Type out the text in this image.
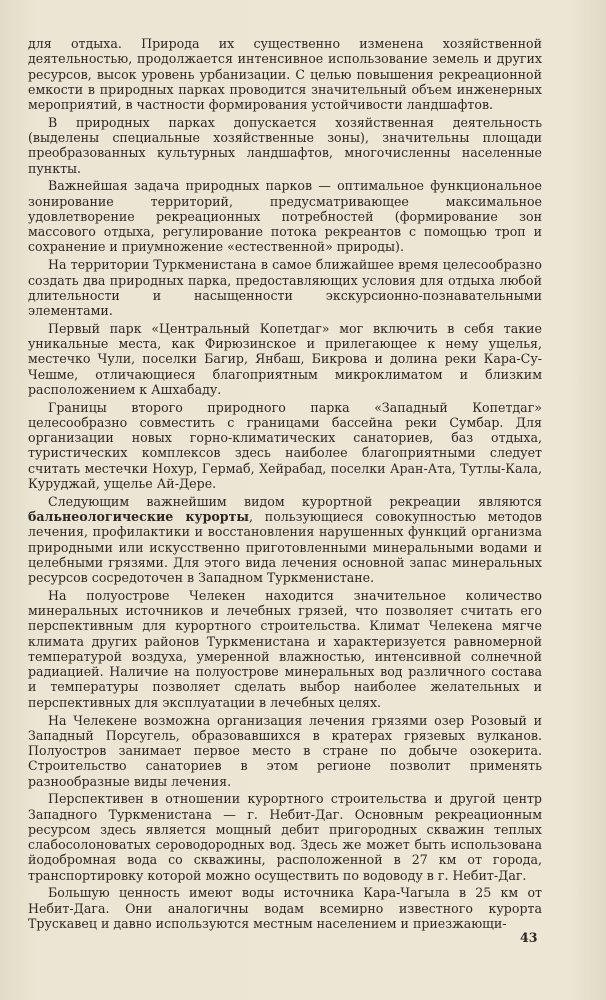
для отдыха. Природа их существенно изменена хозяйственной деятельностью, продолжается интенсивное использование земель и других ресурсов, высок уровень урбанизации. С целью повышения рекреационной емкости в природных парках проводится значительный объем инженерных мероприятий, в частности формирования устойчивости ландшафтов.

В природных парках допускается хозяйственная деятельность (выделены специальные хозяйственные зоны), значительны площади преобразованных культурных ландшафтов, многочисленны населенные пункты.

Важнейшая задача природных парков — оптимальное функциональное зонирование территорий, предусматривающее максимальное удовлетворение рекреационных потребностей (формирование зон массового отдыха, регулирование потока рекреантов с помощью троп и сохранение и приумножение «естественной» природы).

На территории Туркменистана в самое ближайшее время целесообразно создать два природных парка, предоставляющих условия для отдыха любой длительности и насыщенности экскурсионно-познавательными элементами.

Первый парк «Центральный Копетдаг» мог включить в себя такие уникальные места, как Фирюзинское и прилегающее к нему ущелья, местечко Чули, поселки Багир, Янбаш, Бикрова и долина реки Кара-Су-Чешме, отличающиеся благоприятным микроклиматом и близким расположением к Ашхабаду.

Границы второго природного парка «Западный Копетдаг» целесообразно совместить с границами бассейна реки Сумбар. Для организации новых горно-климатических санаториев, баз отдыха, туристических комплексов здесь наиболее благоприятными следует считать местечки Нохур, Гермаб, Хейрабад, поселки Аран-Ата, Тутлы-Кала, Куруджай, ущелье Ай-Дере.

Следующим важнейшим видом курортной рекреации являются бальнеологические курорты, пользующиеся совокупностью методов лечения, профилактики и восстановления нарушенных функций организма природными или искусственно приготовленными минеральными водами и целебными грязями. Для этого вида лечения основной запас минеральных ресурсов сосредоточен в Западном Туркменистане.

На полуострове Челекен находится значительное количество минеральных источников и лечебных грязей, что позволяет считать его перспективным для курортного строительства. Климат Челекена мягче климата других районов Туркменистана и характеризуется равномерной температурой воздуха, умеренной влажностью, интенсивной солнечной радиацией. Наличие на полуострове минеральных вод различного состава и температуры позволяет сделать выбор наиболее желательных и перспективных для эксплуатации в лечебных целях.

На Челекене возможна организация лечения грязями озер Розовый и Западный Порсугель, образовавшихся в кратерах грязевых вулканов. Полуостров занимает первое место в стране по добыче озокерита. Строительство санаториев в этом регионе позволит применять разнообразные виды лечения.

Перспективен в отношении курортного строительства и другой центр Западного Туркменистана — г. Небит-Даг. Основным рекреационным ресурсом здесь является мощный дебит пригородных скважин теплых слабосолоноватых сероводородных вод. Здесь же может быть использована йодобромная вода со скважины, расположенной в 27 км от города, транспортировку которой можно осуществить по водоводу в г. Небит-Даг.

Большую ценность имеют воды источника Кара-Чагыла в 25 км от Небит-Дага. Они аналогичны водам всемирно известного курорта Трускавец и давно используются местным населением и приезжающи-

43
